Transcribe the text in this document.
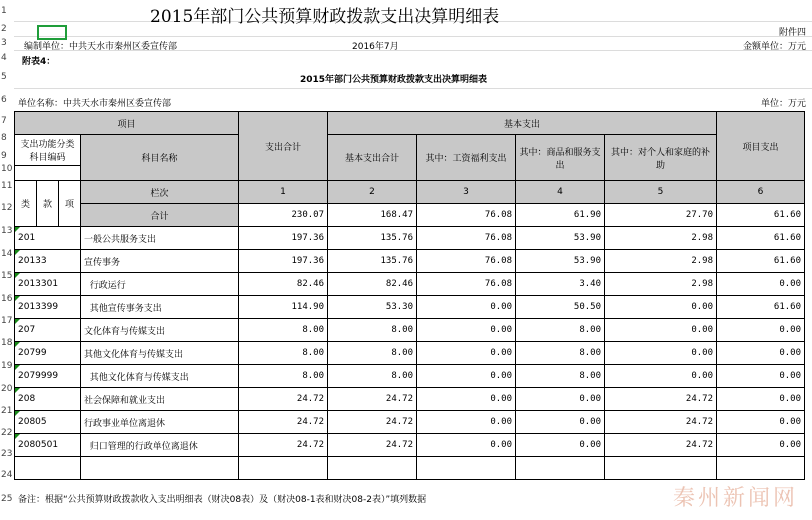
1
2
3
4
5
6
7
8
9
10
11
12
13
14
15
16
17
18
19
20
21
22
23
24
25
2015年部门公共预算财政拨款支出决算明细表
附件四
编制单位：中共天水市秦州区委宣传部	2016年7月	金额单位：万元
附表4：
2015年部门公共预算财政拨款支出决算明细表
单位名称：中共天水市秦州区委宣传部	单位：万元
项目				支出合计	基本支出				项目支出
支出功能分类科目编码			科目名称		基本支出合计	其中：工资福利支出	其中：商品和服务支出	其中：对个人和家庭的补助	

类	款	项	栏次	1	2	3	4	5	6
			合计	230.07	168.47	76.08	61.90	27.70	61.60

201			一般公共服务支出	197.36	135.76	76.08	53.90	2.98	61.60

20133			宣传事务	197.36	135.76	76.08	53.90	2.98	61.60

2013301			行政运行	82.46	82.46	76.08	3.40	2.98	0.00

2013399			其他宣传事务支出	114.90	53.30	0.00	50.50	0.00	61.60

207			文化体育与传媒支出	8.00	8.00	0.00	8.00	0.00	0.00

20799			其他文化体育与传媒支出	8.00	8.00	0.00	8.00	0.00	0.00

2079999			其他文化体育与传媒支出	8.00	8.00	0.00	8.00	0.00	0.00

208			社会保障和就业支出	24.72	24.72	0.00	0.00	24.72	0.00

20805			行政事业单位离退休	24.72	24.72	0.00	0.00	24.72	0.00

2080501			归口管理的行政单位离退休	24.72	24.72	0.00	0.00	24.72	0.00

备注：根据“公共预算财政拨款收入支出明细表（财决08表）及（财决08-1表和财决08-2表）”填列数据	秦州新闻网
